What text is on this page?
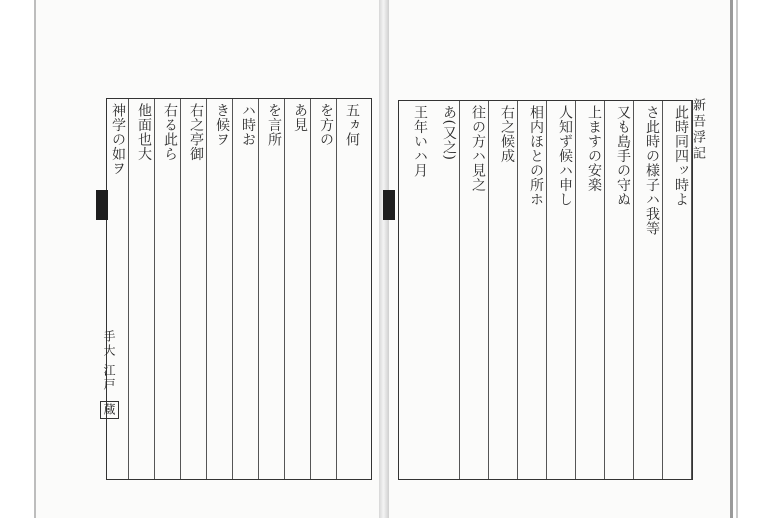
此時同四ッ時よ
さ此時の様子ハ我等
又も島手の守ぬ
上ますの安楽
人知ず候ハ申し
相内ほとの所ホ
右之候成
往の方ハ見之
あ(又之)
王年いハ月	新吾浮記
神学の如ヲ 他面也大 右る此ら 右之亭御 き候ヲ ハ時お を言所 あ見 を方の 五ヵ何
手大 江戸 蔵
